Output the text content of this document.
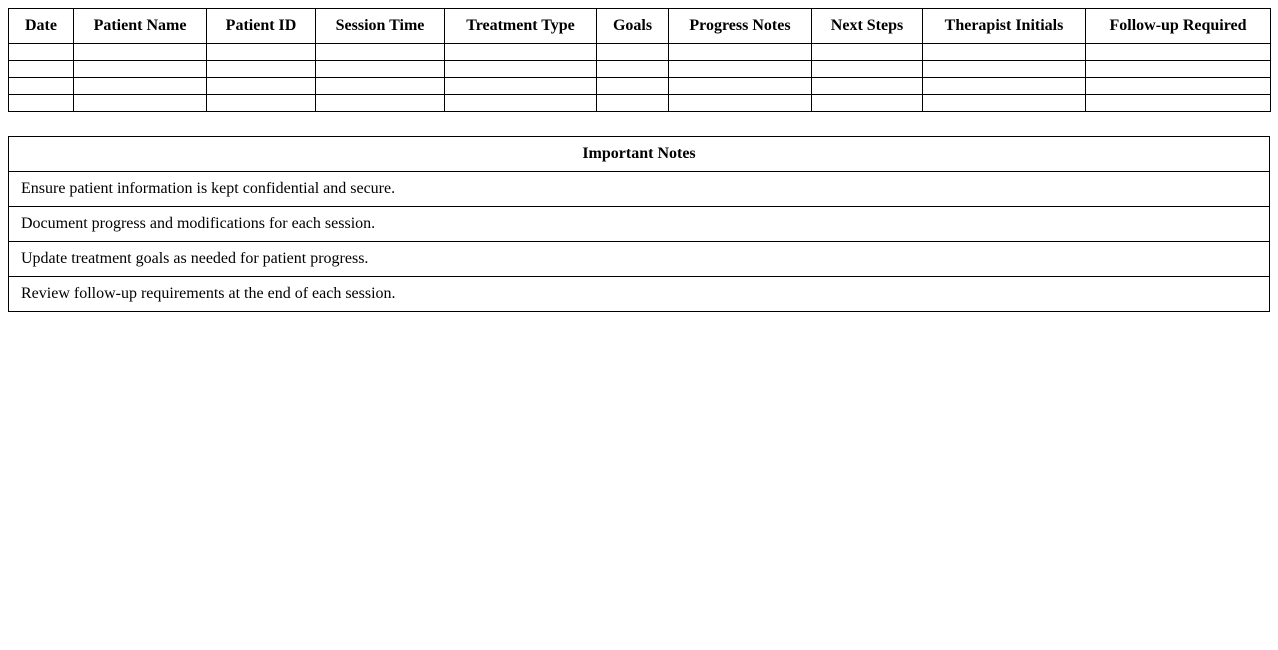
Date	Patient Name	Patient ID	Session Time	Treatment Type	Goals	Progress Notes	Next Steps	Therapist Initials	Follow-up Required

Important Notes
Ensure patient information is kept confidential and secure.
Document progress and modifications for each session.
Update treatment goals as needed for patient progress.
Review follow-up requirements at the end of each session.
